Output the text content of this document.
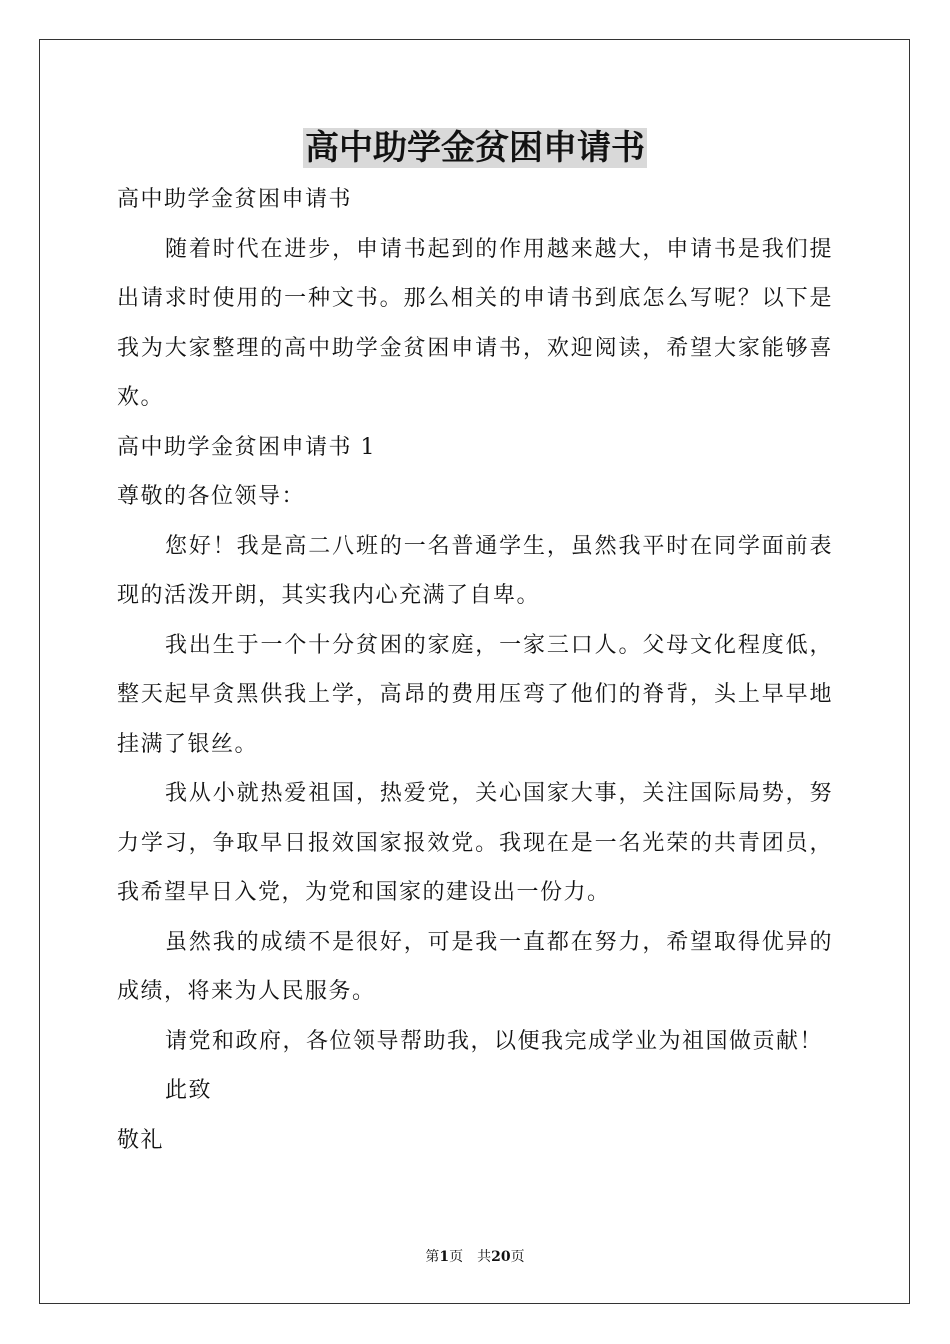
高中助学金贫困申请书

高中助学金贫困申请书

随着时代在进步，申请书起到的作用越来越大，申请书是我们提出请求时使用的一种文书。那么相关的申请书到底怎么写呢？以下是我为大家整理的高中助学金贫困申请书，欢迎阅读，希望大家能够喜欢。

高中助学金贫困申请书 1

尊敬的各位领导：

您好！我是高二八班的一名普通学生，虽然我平时在同学面前表现的活泼开朗，其实我内心充满了自卑。

我出生于一个十分贫困的家庭，一家三口人。父母文化程度低，整天起早贪黑供我上学，高昂的费用压弯了他们的脊背，头上早早地挂满了银丝。

我从小就热爱祖国，热爱党，关心国家大事，关注国际局势，努力学习，争取早日报效国家报效党。我现在是一名光荣的共青团员，我希望早日入党，为党和国家的建设出一份力。

虽然我的成绩不是很好，可是我一直都在努力，希望取得优异的成绩，将来为人民服务。

请党和政府，各位领导帮助我，以便我完成学业为祖国做贡献！

此致

敬礼

第1页 共20页
